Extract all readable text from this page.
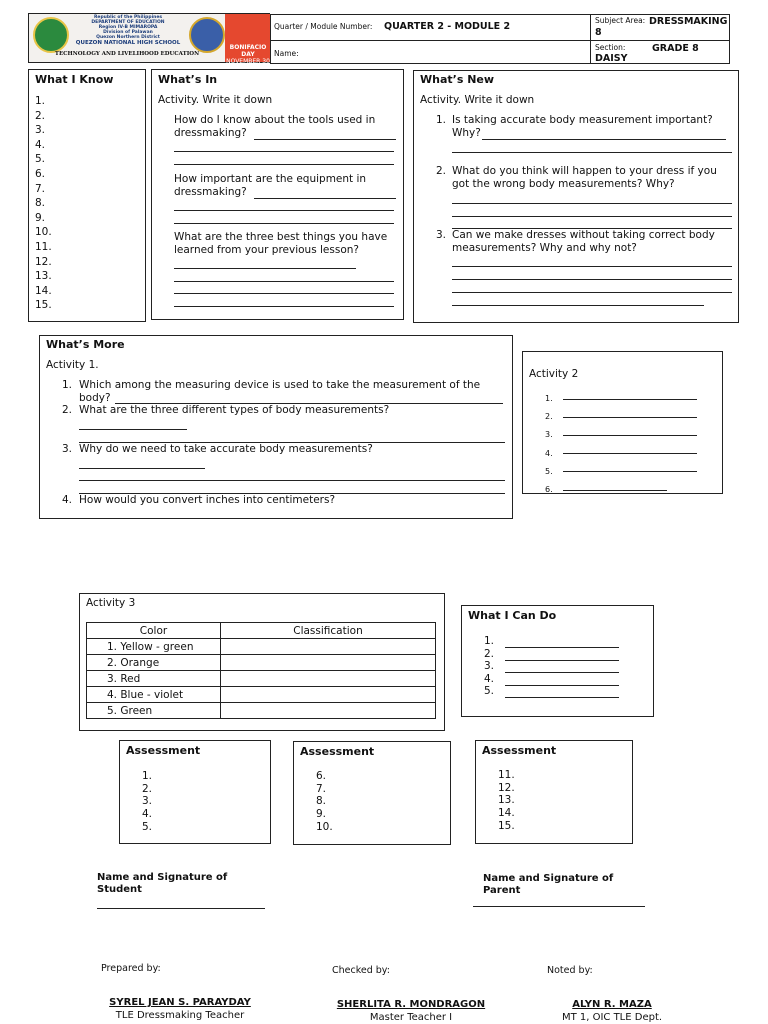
BONIFACIO DAY
NOVEMBER 30
Republic of the Philippines
DEPARTMENT OF EDUCATION
Region IV-B MIMAROPA
Division of Palawan
Quezon Northern District
QUEZON NATIONAL HIGH SCHOOL
TECHNOLOGY AND LIVELIHOOD EDUCATION
Quarter / Module Number: QUARTER 2 - MODULE 2
Subject Area: DRESSMAKING 8
Name:
Section:	GRADE 8
DAISY
What I Know
1.
2.
3.
4.
5.
6.
7.
8.
9.
10.
11.
12.
13.
14.
15.
What’s In
Activity. Write it down
How do I know about the tools used in
dressmaking?
How important are the equipment in
dressmaking?
What are the three best things you have
learned from your previous lesson?
What’s New
Activity. Write it down
1. Is taking accurate body measurement important?
Why?
2. What do you think will happen to your dress if you
got the wrong body measurements? Why?
3. Can we make dresses without taking correct body
measurements? Why and why not?
What’s More
Activity 1.
1. Which among the measuring device is used to take the measurement of the
body?
2. What are the three different types of body measurements?
3. Why do we need to take accurate body measurements?
4. How would you convert inches into centimeters?
Activity 2
1.
2.
3.
4.
5.
6.
Activity 3
Color	Classification
1. Yellow - green	
2. Orange	
3. Red	
4. Blue - violet	
5. Green	
What I Can Do
1.
2.
3.
4.
5.
Assessment
1.
2.
3.
4.
5.
Assessment
6.
7.
8.
9.
10.
Assessment
11.
12.
13.
14.
15.
Name and Signature of Student
Name and Signature of Parent
Prepared by:	Checked by:	Noted by:
SYREL JEAN S. PARAYDAY
TLE Dressmaking Teacher
SHERLITA R. MONDRAGON
Master Teacher I
ALYN R. MAZA
MT 1, OIC TLE Dept.
